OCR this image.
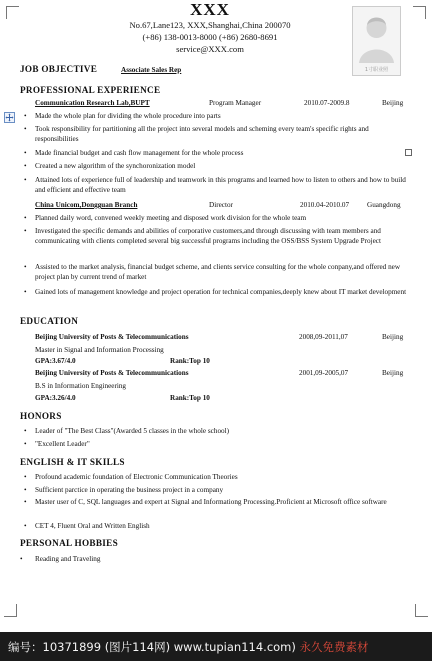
XXX
No.67,Lane123, XXX,Shanghai,China 200070
(+86) 138-0013-8000 (+86) 2680-8691
service@XXX.com
1寸职业照
JOB OBJECTIVE	Associate Sales Rep
PROFESSIONAL EXPERIENCE
Communication Research Lab,BUPT	Program Manager	2010.07-2009.8	Beijing
• Made the whole plan for dividing the whole procedure into parts
• Took responsibility for partitioning all the project into several models and scheming every team's specific rights and responsibilities
• Made financial budget and cash flow management for the whole process
• Created a new algorithm of the synchoronization model
• Attained lots of experience full of leadership and teamwork in this programs and learned how to listen to others and how to build and efficient and effective team
China Unicom,Dongguan Branch	Director	2010.04-2010.07 Guangdong
• Planned daily word, convened weekly meeting and disposed work division for the whole team
• Investigated the specific demands and abilities of corporative customers,and through discussing with team members and communicating with clients completed several big successful programs including the OSS/BSS System Upgrade Project
• Assisted to the market analysis, financial budget scheme, and clients service consulting for the whole conpany,and offered new project plan by current trend of market
• Gained lots of management knowledge and project operation for technical companies,deeply knew about IT market development
EDUCATION
Beijing University of Posts & Telecommunications	2008,09-2011,07	Beijing
Master in Signal and Information Processing
GPA:3.67/4.0	Rank:Top 10
Beijing University of Posts & Telecommunications	2001,09-2005,07	Beijing
B.S in Information Engineering
GPA:3.26/4.0	Rank:Top 10
HONORS
• Leader of "The Best Class"(Awarded 5 classes in the whole school)
• "Excellent Leader"
ENGLISH & IT SKILLS
• Profound academic foundation of Electronic Communication Theories
• Sufficient parctice in operating the business project in a company
• Master user of C, SQL languages and expert at Signal and Informationg Processing.Proficient at Microsoft office software
• CET 4, Fluent Oral and Written English
PERSONAL HOBBIES
• Reading and Traveling
编号：10371899 (图片114网) www.tupian114.com) 永久免费素材
